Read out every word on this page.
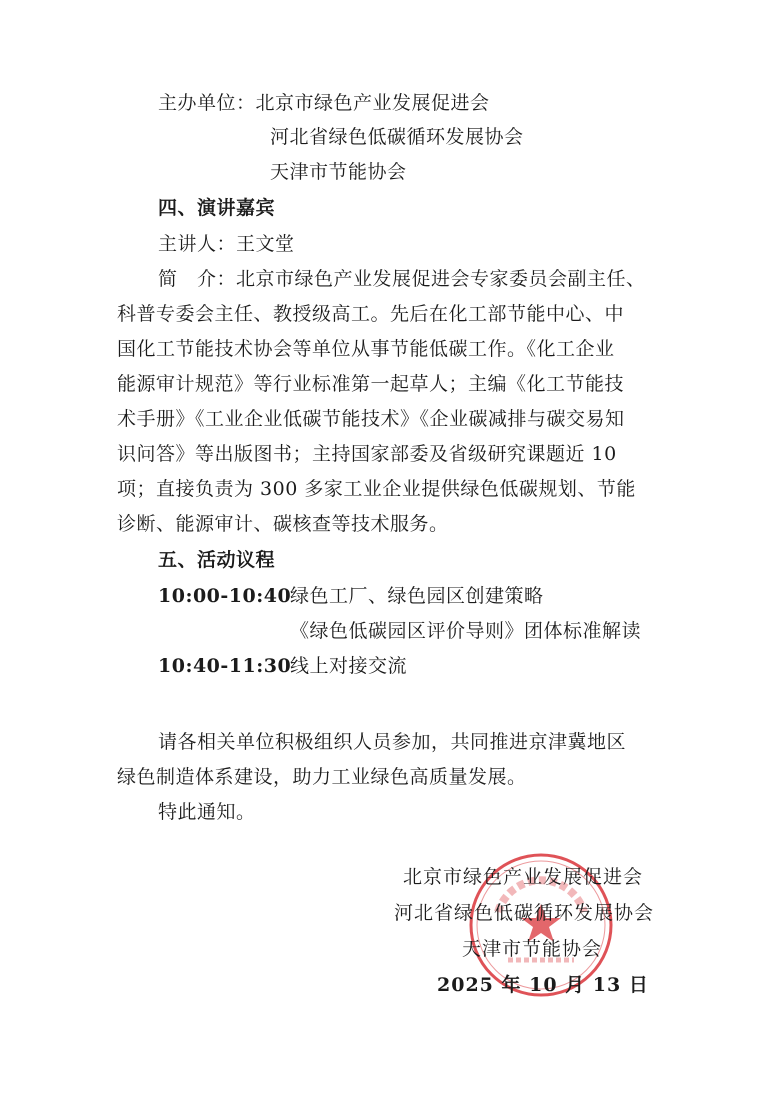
主办单位：北京市绿色产业发展促进会
河北省绿色低碳循环发展协会
天津市节能协会
四、演讲嘉宾
主讲人：王文堂
简　介：北京市绿色产业发展促进会专家委员会副主任、
科普专委会主任、教授级高工。先后在化工部节能中心、中
国化工节能技术协会等单位从事节能低碳工作。《化工企业
能源审计规范》等行业标准第一起草人；主编《化工节能技
术手册》《工业企业低碳节能技术》《企业碳减排与碳交易知
识问答》等出版图书；主持国家部委及省级研究课题近 10
项；直接负责为 300 多家工业企业提供绿色低碳规划、节能
诊断、能源审计、碳核查等技术服务。
五、活动议程
10:00-10:40绿色工厂、绿色园区创建策略
《绿色低碳园区评价导则》团体标准解读
10:40-11:30线上对接交流
请各相关单位积极组织人员参加，共同推进京津冀地区
绿色制造体系建设，助力工业绿色高质量发展。
特此通知。
北京市绿色产业发展促进会
河北省绿色低碳循环发展协会
天津市节能协会
2025 年 10 月 13 日
